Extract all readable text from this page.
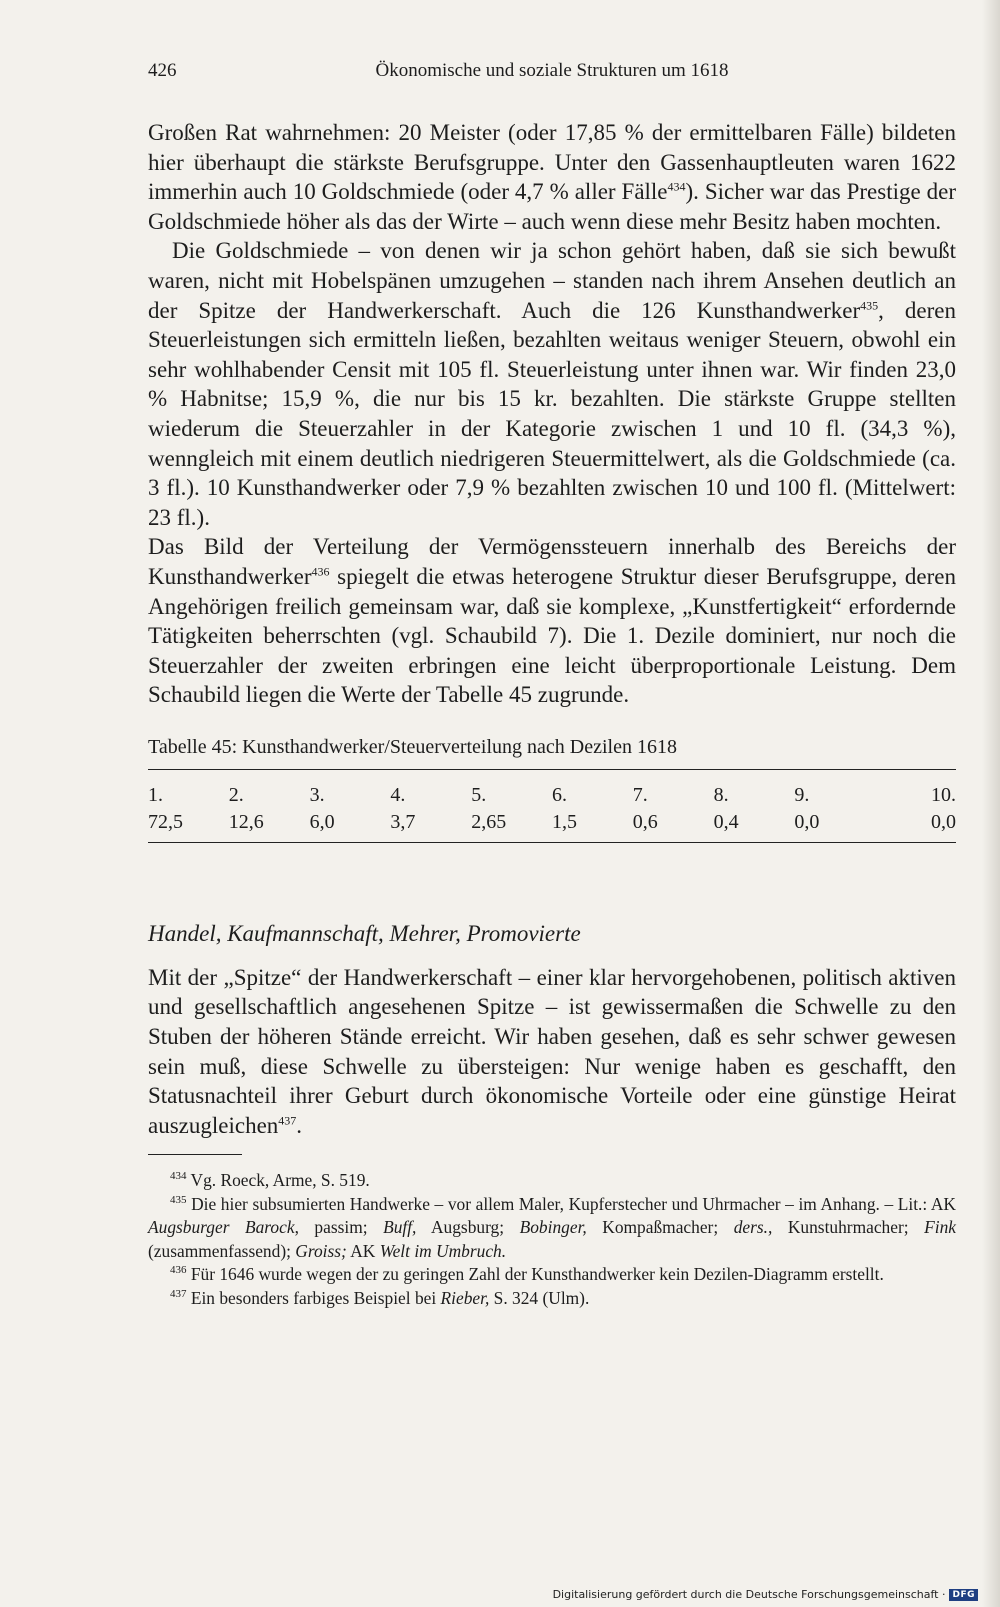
426	Ökonomische und soziale Strukturen um 1618

Großen Rat wahrnehmen: 20 Meister (oder 17,85 % der ermittelbaren Fälle) bildeten hier überhaupt die stärkste Berufsgruppe. Unter den Gassenhauptleuten waren 1622 immerhin auch 10 Goldschmiede (oder 4,7 % aller Fälle$^{434}$). Sicher war das Prestige der Goldschmiede höher als das der Wirte – auch wenn diese mehr Besitz haben mochten.

Die Goldschmiede – von denen wir ja schon gehört haben, daß sie sich bewußt waren, nicht mit Hobelspänen umzugehen – standen nach ihrem Ansehen deutlich an der Spitze der Handwerkerschaft. Auch die 126 Kunsthandwerker$^{435}$, deren Steuerleistungen sich ermitteln ließen, bezahlten weitaus weniger Steuern, obwohl ein sehr wohlhabender Censit mit 105 fl. Steuerleistung unter ihnen war. Wir finden 23,0 % Habnitse; 15,9 %, die nur bis 15 kr. bezahlten. Die stärkste Gruppe stellten wiederum die Steuerzahler in der Kategorie zwischen 1 und 10 fl. (34,3 %), wenngleich mit einem deutlich niedrigeren Steuermittelwert, als die Goldschmiede (ca. 3 fl.). 10 Kunsthandwerker oder 7,9 % bezahlten zwischen 10 und 100 fl. (Mittelwert: 23 fl.).

Das Bild der Verteilung der Vermögenssteuern innerhalb des Bereichs der Kunsthandwerker$^{436}$ spiegelt die etwas heterogene Struktur dieser Berufsgruppe, deren Angehörigen freilich gemeinsam war, daß sie komplexe, „Kunstfertigkeit“ erfordernde Tätigkeiten beherrschten (vgl. Schaubild 7). Die 1. Dezile dominiert, nur noch die Steuerzahler der zweiten erbringen eine leicht überproportionale Leistung. Dem Schaubild liegen die Werte der Tabelle 45 zugrunde.

Tabelle 45: Kunsthandwerker/Steuerverteilung nach Dezilen 1618
1.	2.	3.	4.	5.	6.	7.	8.	9.	10.
72,5	12,6	6,0	3,7	2,65	1,5	0,6	0,4	0,0	0,0
Handel, Kaufmannschaft, Mehrer, Promovierte

Mit der „Spitze“ der Handwerkerschaft – einer klar hervorgehobenen, politisch aktiven und gesellschaftlich angesehenen Spitze – ist gewissermaßen die Schwelle zu den Stuben der höheren Stände erreicht. Wir haben gesehen, daß es sehr schwer gewesen sein muß, diese Schwelle zu übersteigen: Nur wenige haben es geschafft, den Statusnachteil ihrer Geburt durch ökonomische Vorteile oder eine günstige Heirat auszugleichen$^{437}$.

$^{434}$ Vg. Roeck, Arme, S. 519.

$^{435}$ Die hier subsumierten Handwerke – vor allem Maler, Kupferstecher und Uhrmacher – im Anhang. – Lit.: AK Augsburger Barock, passim; Buff, Augsburg; Bobinger, Kompaßmacher; ders., Kunstuhrmacher; Fink (zusammenfassend); Groiss; AK Welt im Umbruch.

$^{436}$ Für 1646 wurde wegen der zu geringen Zahl der Kunsthandwerker kein Dezilen-Diagramm erstellt.

$^{437}$ Ein besonders farbiges Beispiel bei Rieber, S. 324 (Ulm).

Digitalisierung gefördert durch die Deutsche Forschungsgemeinschaft · DFG
